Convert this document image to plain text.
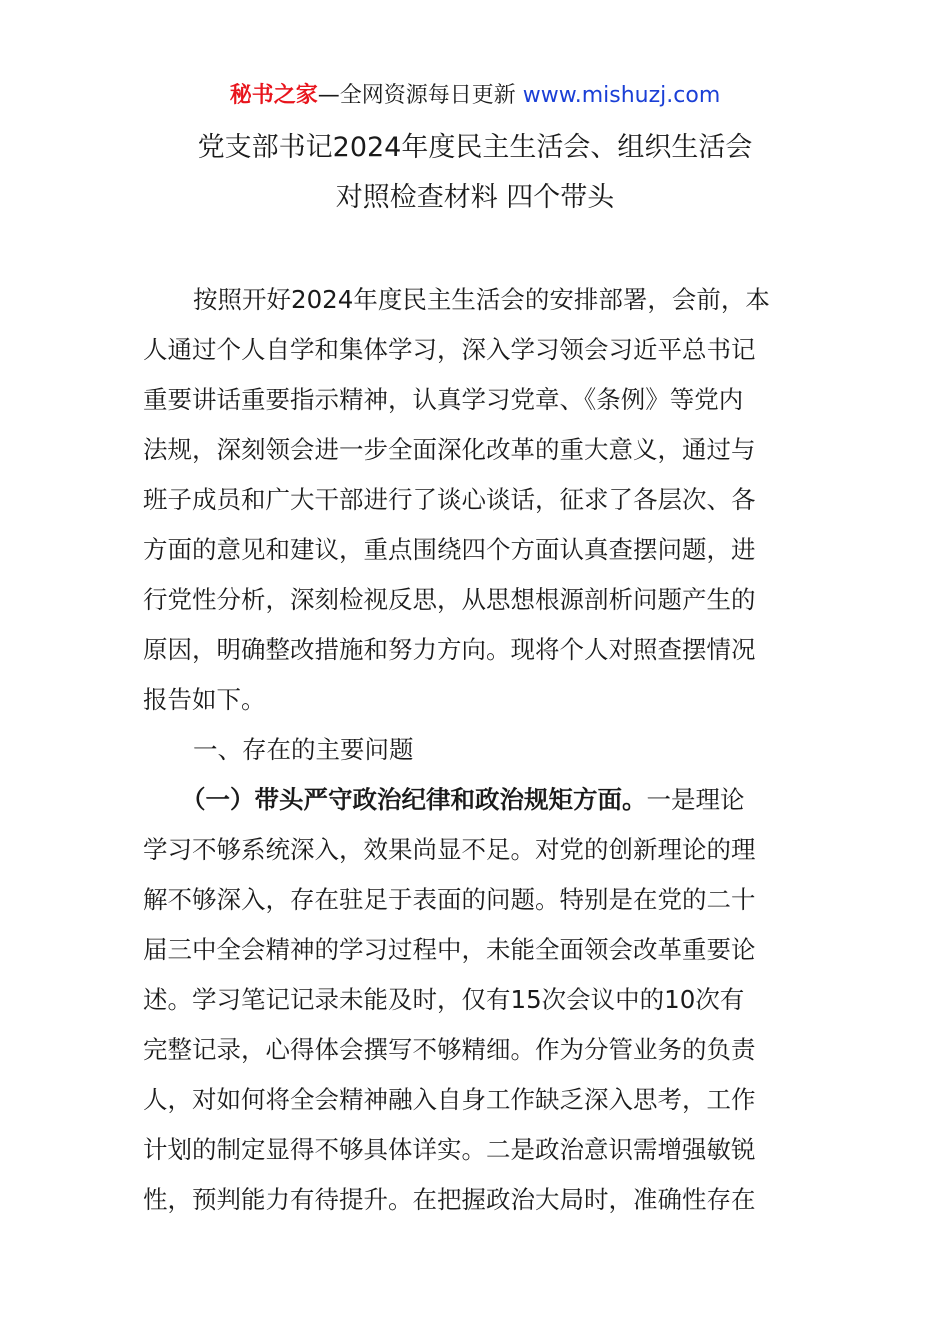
秘书之家—全网资源每日更新 www.mishuzj.com
党支部书记2024年度民主生活会、组织生活会
对照检查材料 四个带头
按照开好2024年度民主生活会的安排部署，会前，本
人通过个人自学和集体学习，深入学习领会习近平总书记
重要讲话重要指示精神，认真学习党章、《条例》等党内
法规，深刻领会进一步全面深化改革的重大意义，通过与
班子成员和广大干部进行了谈心谈话，征求了各层次、各
方面的意见和建议，重点围绕四个方面认真查摆问题，进
行党性分析，深刻检视反思，从思想根源剖析问题产生的
原因，明确整改措施和努力方向。现将个人对照查摆情况
报告如下。
一、存在的主要问题
（一）带头严守政治纪律和政治规矩方面。一是理论
学习不够系统深入，效果尚显不足。对党的创新理论的理
解不够深入，存在驻足于表面的问题。特别是在党的二十
届三中全会精神的学习过程中，未能全面领会改革重要论
述。学习笔记记录未能及时，仅有15次会议中的10次有
完整记录，心得体会撰写不够精细。作为分管业务的负责
人，对如何将全会精神融入自身工作缺乏深入思考，工作
计划的制定显得不够具体详实。二是政治意识需增强敏锐
性，预判能力有待提升。在把握政治大局时，准确性存在
